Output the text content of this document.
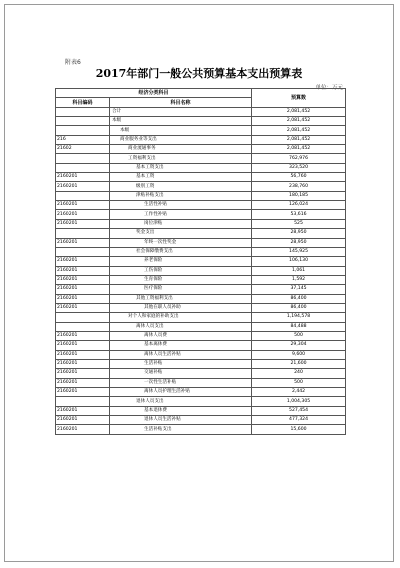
附表6
2017年部门一般公共预算基本支出预算表
单位：万元
经济分类科目		预算数
科目编码	科目名称	
	合计	2,081,452
	本级	2,081,452
	本级	2,081,452
216	商业服务业等支出	2,081,452
21602	商业流通事务	2,081,452
	工资福利支出	762,976
	基本工资支出	323,520
2160201	基本工资	56,760
2160201	级别工资	238,760
	津贴补贴支出	180,185
2160201	生活性补贴	126,024
2160201	工作性补贴	53,616
2160201	岗位津贴	525
	奖金支出	28,950
2160201	年终一次性奖金	28,950
	社会保障缴费支出	145,925
2160201	养老保险	106,130
2160201	工伤保险	1,061
2160201	生育保险	1,592
2160201	医疗保险	37,145
2160201	其他工资福利支出	86,400
2160201	其他在职人员补助	86,400
	对个人和家庭的补助支出	1,194,578
	离休人员支出	84,488
2160201	离休人员费	500
2160201	基本离休费	29,304
2160201	离休人员生活补贴	9,600
2160201	生活补贴	21,600
2160201	交通补贴	240
2160201	一次性生活补贴	500
2160201	离休人员护理生活补贴	2,442
	退休人员支出	1,004,305
2160201	基本退休费	527,454
2160201	退休人员生活补贴	477,324
2160201	生活补贴支出	15,600
